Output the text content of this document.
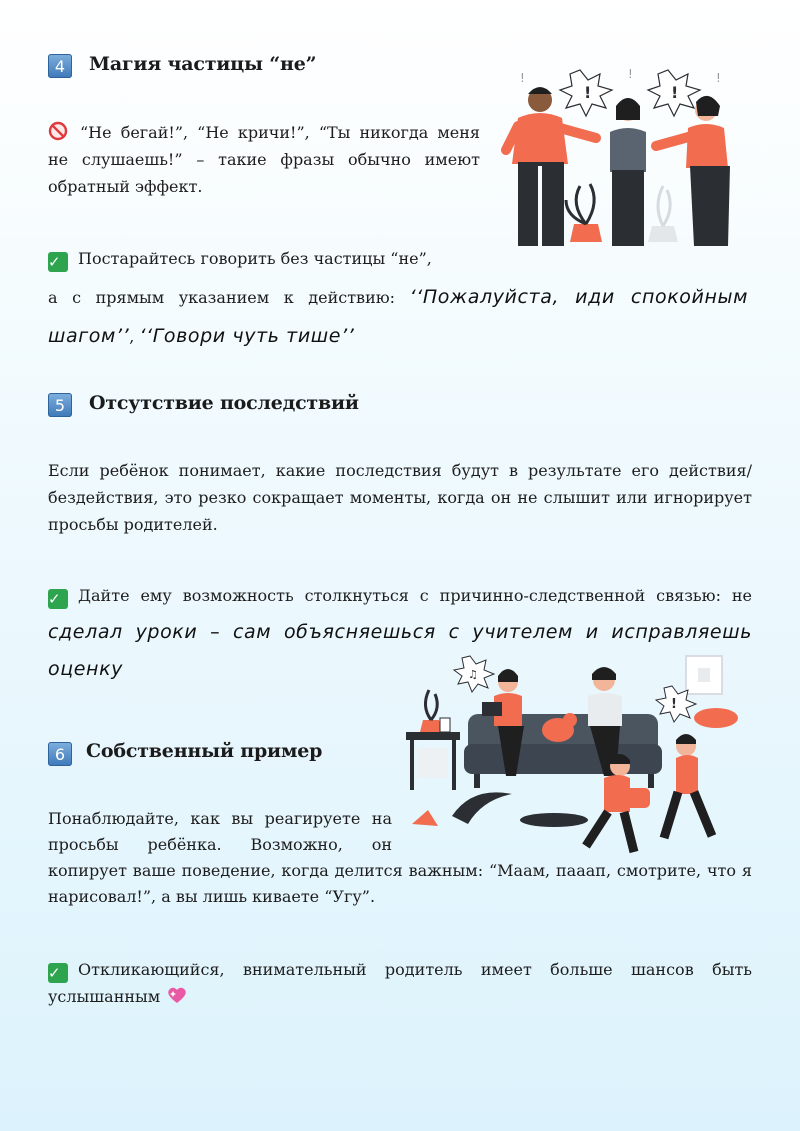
4 Магия частицы “не”
“Не бегай!”, “Не кричи!”, “Ты никогда меня не слушаешь!” – такие фразы обычно имеют обратный эффект.
!	!
!	!	!
✓ Постарайтесь говорить без частицы “не”,
а с прямым указанием к действию: ‘‘Пожалуйста, иди спокойным шагом’’, ‘‘Говори чуть тише’’
5 Отсутствие последствий
Если ребёнок понимает, какие последствия будут в результате его действия/бездействия, это резко сокращает моменты, когда он не слышит или игнорирует просьбы родителей.
✓ Дайте ему возможность столкнуться с причинно-следственной связью: не сделал уроки – сам объясняешься с учителем и исправляешь оценку	♫
!
6 Собственный пример
Понаблюдайте, как вы реагируете на просьбы ребёнка. Возможно, он копирует ваше поведение, когда делится важным: “Маам, пааап, смотрите, что я нарисовал!”, а вы лишь киваете “Угу”.
✓ Откликающийся, внимательный родитель имеет больше шансов быть услышанным
